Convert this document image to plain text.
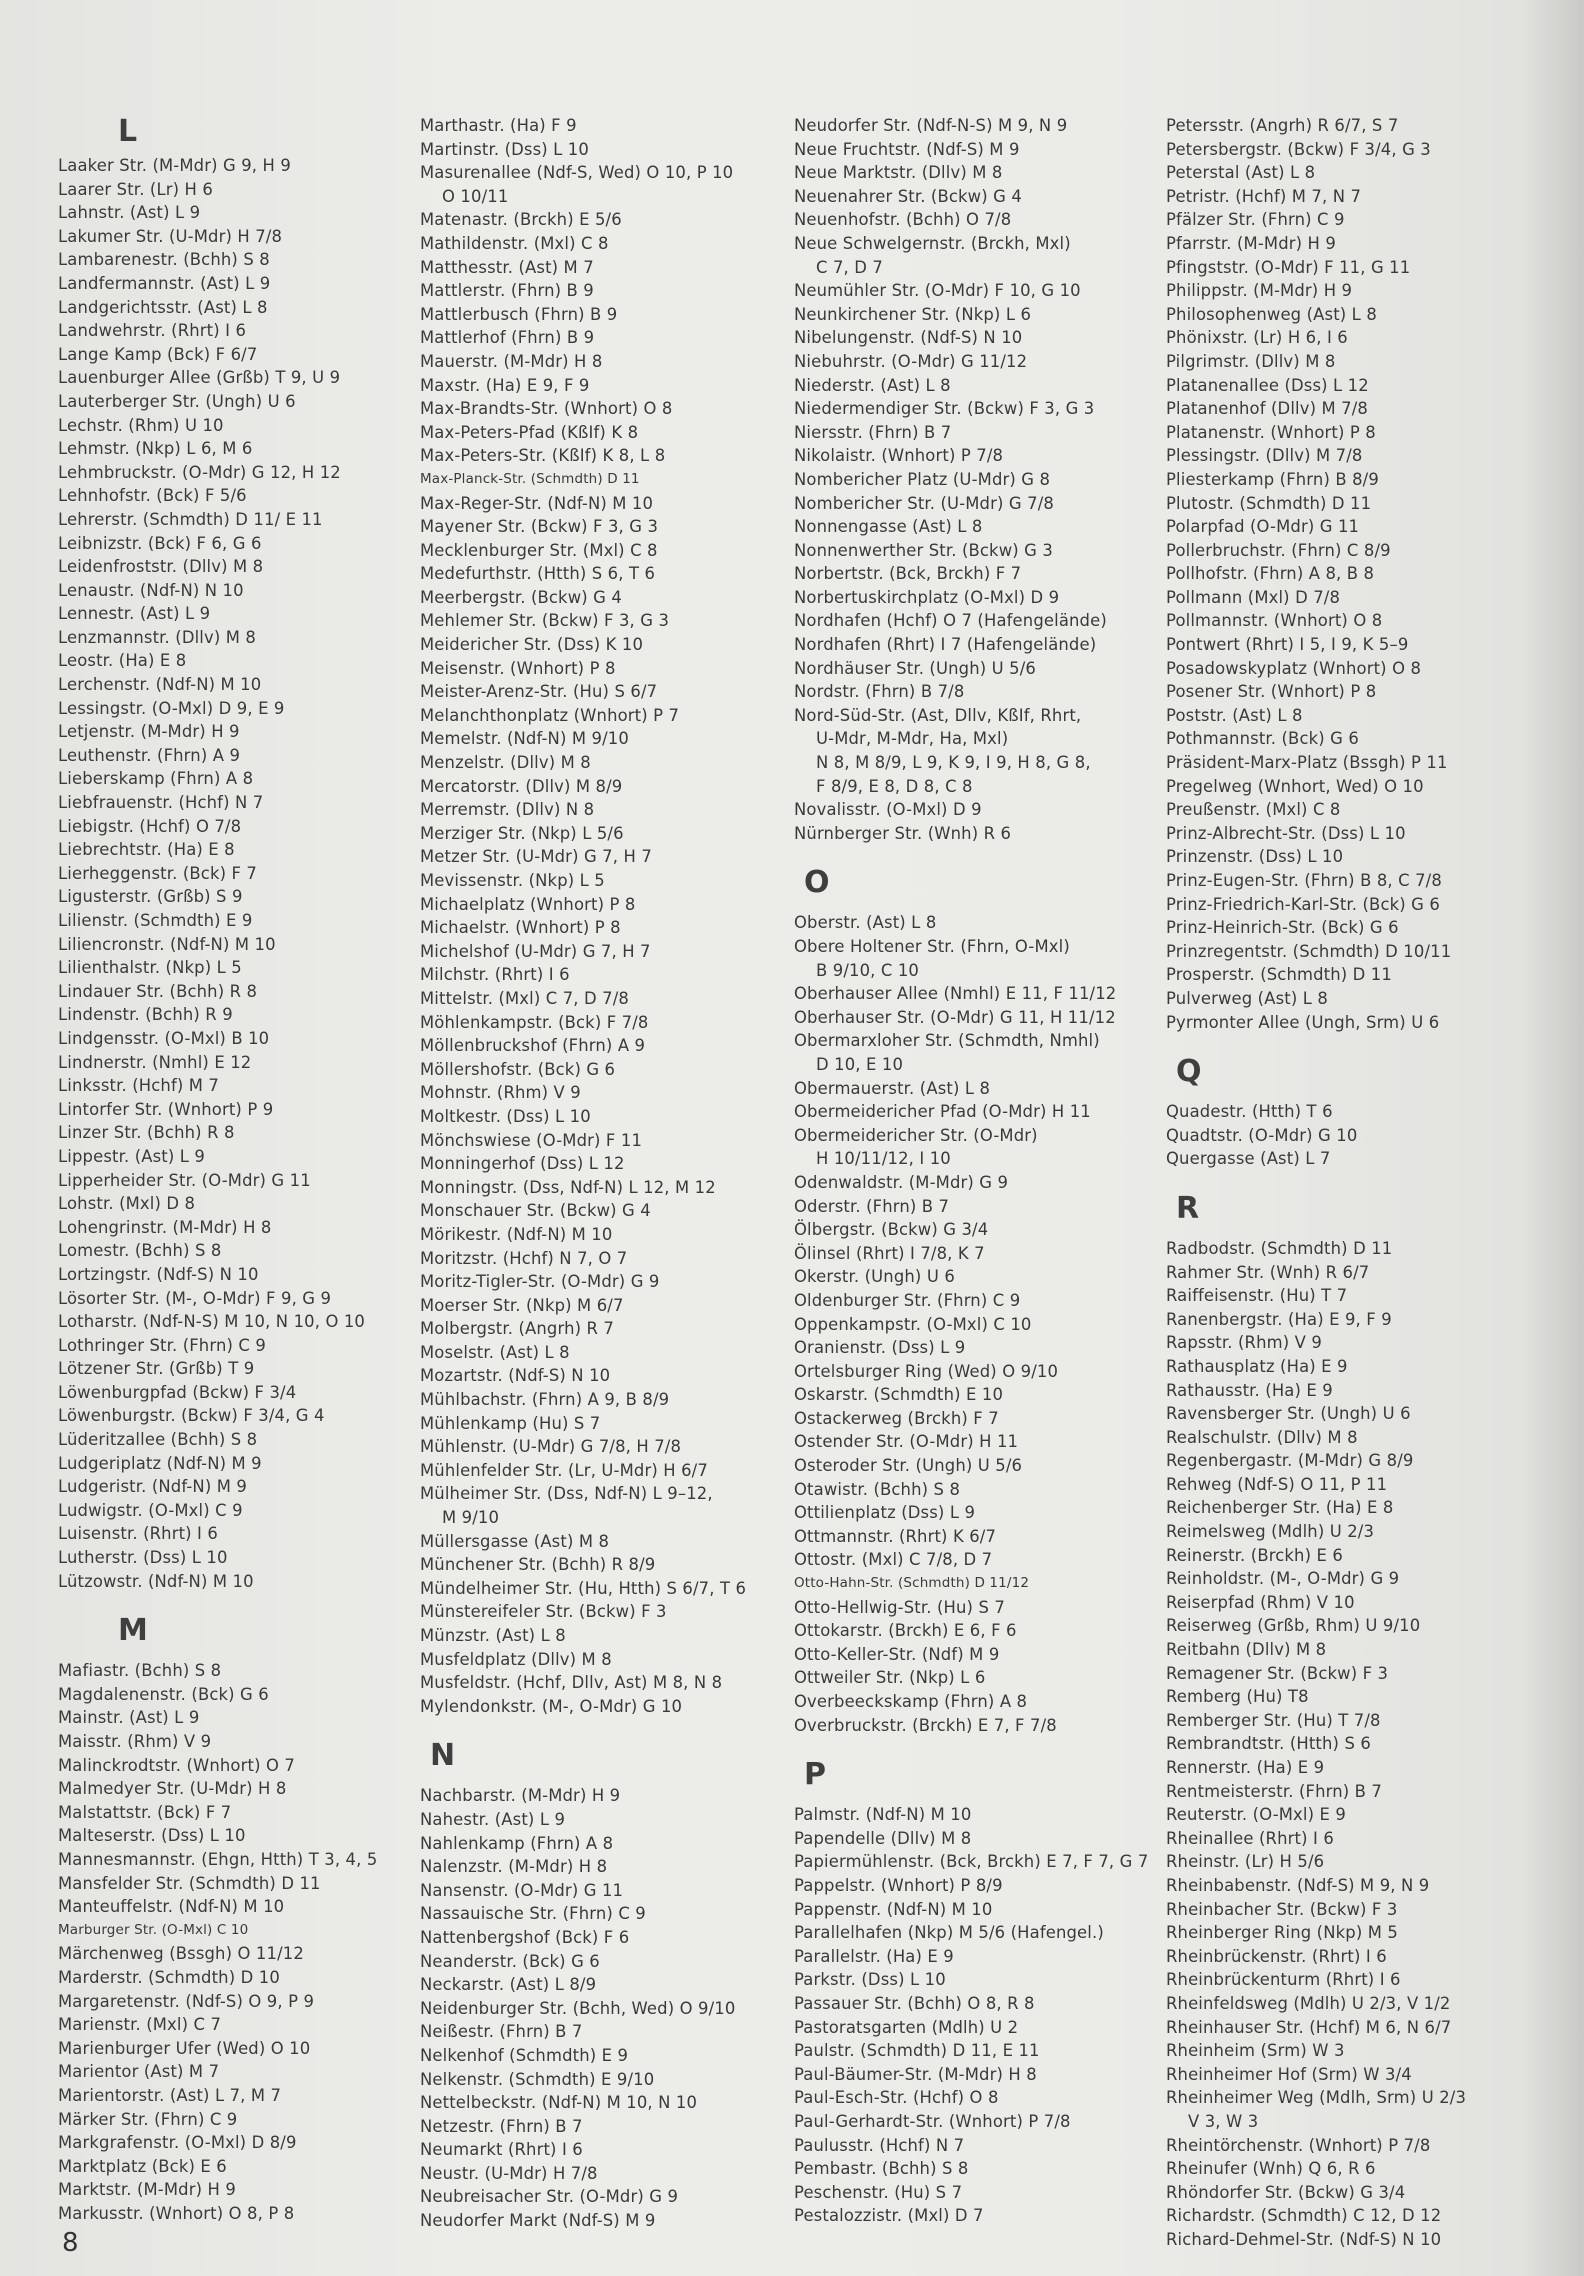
L
Laaker Str. (M-Mdr) G 9, H 9
Laarer Str. (Lr) H 6
Lahnstr. (Ast) L 9
Lakumer Str. (U-Mdr) H 7/8
Lambarenestr. (Bchh) S 8
Landfermannstr. (Ast) L 9
Landgerichtsstr. (Ast) L 8
Landwehrstr. (Rhrt) I 6
Lange Kamp (Bck) F 6/7
Lauenburger Allee (Grßb) T 9, U 9
Lauterberger Str. (Ungh) U 6
Lechstr. (Rhm) U 10
Lehmstr. (Nkp) L 6, M 6
Lehmbruckstr. (O-Mdr) G 12, H 12
Lehnhofstr. (Bck) F 5/6
Lehrerstr. (Schmdth) D 11/ E 11
Leibnizstr. (Bck) F 6, G 6
Leidenfroststr. (Dllv) M 8
Lenaustr. (Ndf-N) N 10
Lennestr. (Ast) L 9
Lenzmannstr. (Dllv) M 8
Leostr. (Ha) E 8
Lerchenstr. (Ndf-N) M 10
Lessingstr. (O-Mxl) D 9, E 9
Letjenstr. (M-Mdr) H 9
Leuthenstr. (Fhrn) A 9
Lieberskamp (Fhrn) A 8
Liebfrauenstr. (Hchf) N 7
Liebigstr. (Hchf) O 7/8
Liebrechtstr. (Ha) E 8
Lierheggenstr. (Bck) F 7
Ligusterstr. (Grßb) S 9
Lilienstr. (Schmdth) E 9
Liliencronstr. (Ndf-N) M 10
Lilienthalstr. (Nkp) L 5
Lindauer Str. (Bchh) R 8
Lindenstr. (Bchh) R 9
Lindgensstr. (O-Mxl) B 10
Lindnerstr. (Nmhl) E 12
Linksstr. (Hchf) M 7
Lintorfer Str. (Wnhort) P 9
Linzer Str. (Bchh) R 8
Lippestr. (Ast) L 9
Lipperheider Str. (O-Mdr) G 11
Lohstr. (Mxl) D 8
Lohengrinstr. (M-Mdr) H 8
Lomestr. (Bchh) S 8
Lortzingstr. (Ndf-S) N 10
Lösorter Str. (M-, O-Mdr) F 9, G 9
Lotharstr. (Ndf-N-S) M 10, N 10, O 10
Lothringer Str. (Fhrn) C 9
Lötzener Str. (Grßb) T 9
Löwenburgpfad (Bckw) F 3/4
Löwenburgstr. (Bckw) F 3/4, G 4
Lüderitzallee (Bchh) S 8
Ludgeriplatz (Ndf-N) M 9
Ludgeristr. (Ndf-N) M 9
Ludwigstr. (O-Mxl) C 9
Luisenstr. (Rhrt) I 6
Lutherstr. (Dss) L 10
Lützowstr. (Ndf-N) M 10
M
Mafiastr. (Bchh) S 8
Magdalenenstr. (Bck) G 6
Mainstr. (Ast) L 9
Maisstr. (Rhm) V 9
Malinckrodtstr. (Wnhort) O 7
Malmedyer Str. (U-Mdr) H 8
Malstattstr. (Bck) F 7
Malteserstr. (Dss) L 10
Mannesmannstr. (Ehgn, Htth) T 3, 4, 5
Mansfelder Str. (Schmdth) D 11
Manteuffelstr. (Ndf-N) M 10
Marburger Str. (O-Mxl) C 10
Märchenweg (Bssgh) O 11/12
Marderstr. (Schmdth) D 10
Margaretenstr. (Ndf-S) O 9, P 9
Marienstr. (Mxl) C 7
Marienburger Ufer (Wed) O 10
Marientor (Ast) M 7
Marientorstr. (Ast) L 7, M 7
Märker Str. (Fhrn) C 9
Markgrafenstr. (O-Mxl) D 8/9
Marktplatz (Bck) E 6
Marktstr. (M-Mdr) H 9
Markusstr. (Wnhort) O 8, P 8
Marthastr. (Ha) F 9
Martinstr. (Dss) L 10
Masurenallee (Ndf-S, Wed) O 10, P 10
O 10/11
Matenastr. (Brckh) E 5/6
Mathildenstr. (Mxl) C 8
Matthesstr. (Ast) M 7
Mattlerstr. (Fhrn) B 9
Mattlerbusch (Fhrn) B 9
Mattlerhof (Fhrn) B 9
Mauerstr. (M-Mdr) H 8
Maxstr. (Ha) E 9, F 9
Max-Brandts-Str. (Wnhort) O 8
Max-Peters-Pfad (KßIf) K 8
Max-Peters-Str. (KßIf) K 8, L 8
Max-Planck-Str. (Schmdth) D 11
Max-Reger-Str. (Ndf-N) M 10
Mayener Str. (Bckw) F 3, G 3
Mecklenburger Str. (Mxl) C 8
Medefurthstr. (Htth) S 6, T 6
Meerbergstr. (Bckw) G 4
Mehlemer Str. (Bckw) F 3, G 3
Meidericher Str. (Dss) K 10
Meisenstr. (Wnhort) P 8
Meister-Arenz-Str. (Hu) S 6/7
Melanchthonplatz (Wnhort) P 7
Memelstr. (Ndf-N) M 9/10
Menzelstr. (Dllv) M 8
Mercatorstr. (Dllv) M 8/9
Merremstr. (Dllv) N 8
Merziger Str. (Nkp) L 5/6
Metzer Str. (U-Mdr) G 7, H 7
Mevissenstr. (Nkp) L 5
Michaelplatz (Wnhort) P 8
Michaelstr. (Wnhort) P 8
Michelshof (U-Mdr) G 7, H 7
Milchstr. (Rhrt) I 6
Mittelstr. (Mxl) C 7, D 7/8
Möhlenkampstr. (Bck) F 7/8
Möllenbruckshof (Fhrn) A 9
Möllershofstr. (Bck) G 6
Mohnstr. (Rhm) V 9
Moltkestr. (Dss) L 10
Mönchswiese (O-Mdr) F 11
Monningerhof (Dss) L 12
Monningstr. (Dss, Ndf-N) L 12, M 12
Monschauer Str. (Bckw) G 4
Mörikestr. (Ndf-N) M 10
Moritzstr. (Hchf) N 7, O 7
Moritz-Tigler-Str. (O-Mdr) G 9
Moerser Str. (Nkp) M 6/7
Molbergstr. (Angrh) R 7
Moselstr. (Ast) L 8
Mozartstr. (Ndf-S) N 10
Mühlbachstr. (Fhrn) A 9, B 8/9
Mühlenkamp (Hu) S 7
Mühlenstr. (U-Mdr) G 7/8, H 7/8
Mühlenfelder Str. (Lr, U-Mdr) H 6/7
Mülheimer Str. (Dss, Ndf-N) L 9–12,
M 9/10
Müllersgasse (Ast) M 8
Münchener Str. (Bchh) R 8/9
Mündelheimer Str. (Hu, Htth) S 6/7, T 6
Münstereifeler Str. (Bckw) F 3
Münzstr. (Ast) L 8
Musfeldplatz (Dllv) M 8
Musfeldstr. (Hchf, Dllv, Ast) M 8, N 8
Mylendonkstr. (M-, O-Mdr) G 10
N
Nachbarstr. (M-Mdr) H 9
Nahestr. (Ast) L 9
Nahlenkamp (Fhrn) A 8
Nalenzstr. (M-Mdr) H 8
Nansenstr. (O-Mdr) G 11
Nassauische Str. (Fhrn) C 9
Nattenbergshof (Bck) F 6
Neanderstr. (Bck) G 6
Neckarstr. (Ast) L 8/9
Neidenburger Str. (Bchh, Wed) O 9/10
Neißestr. (Fhrn) B 7
Nelkenhof (Schmdth) E 9
Nelkenstr. (Schmdth) E 9/10
Nettelbeckstr. (Ndf-N) M 10, N 10
Netzestr. (Fhrn) B 7
Neumarkt (Rhrt) I 6
Neustr. (U-Mdr) H 7/8
Neubreisacher Str. (O-Mdr) G 9
Neudorfer Markt (Ndf-S) M 9
Neudorfer Str. (Ndf-N-S) M 9, N 9
Neue Fruchtstr. (Ndf-S) M 9
Neue Marktstr. (Dllv) M 8
Neuenahrer Str. (Bckw) G 4
Neuenhofstr. (Bchh) O 7/8
Neue Schwelgernstr. (Brckh, Mxl)
C 7, D 7
Neumühler Str. (O-Mdr) F 10, G 10
Neunkirchener Str. (Nkp) L 6
Nibelungenstr. (Ndf-S) N 10
Niebuhrstr. (O-Mdr) G 11/12
Niederstr. (Ast) L 8
Niedermendiger Str. (Bckw) F 3, G 3
Niersstr. (Fhrn) B 7
Nikolaistr. (Wnhort) P 7/8
Nombericher Platz (U-Mdr) G 8
Nombericher Str. (U-Mdr) G 7/8
Nonnengasse (Ast) L 8
Nonnenwerther Str. (Bckw) G 3
Norbertstr. (Bck, Brckh) F 7
Norbertuskirchplatz (O-Mxl) D 9
Nordhafen (Hchf) O 7 (Hafengelände)
Nordhafen (Rhrt) I 7 (Hafengelände)
Nordhäuser Str. (Ungh) U 5/6
Nordstr. (Fhrn) B 7/8
Nord-Süd-Str. (Ast, Dllv, KßIf, Rhrt,
U-Mdr, M-Mdr, Ha, Mxl)
N 8, M 8/9, L 9, K 9, I 9, H 8, G 8,
F 8/9, E 8, D 8, C 8
Novalisstr. (O-Mxl) D 9
Nürnberger Str. (Wnh) R 6
O
Oberstr. (Ast) L 8
Obere Holtener Str. (Fhrn, O-Mxl)
B 9/10, C 10
Oberhauser Allee (Nmhl) E 11, F 11/12
Oberhauser Str. (O-Mdr) G 11, H 11/12
Obermarxloher Str. (Schmdth, Nmhl)
D 10, E 10
Obermauerstr. (Ast) L 8
Obermeidericher Pfad (O-Mdr) H 11
Obermeidericher Str. (O-Mdr)
H 10/11/12, I 10
Odenwaldstr. (M-Mdr) G 9
Oderstr. (Fhrn) B 7
Ölbergstr. (Bckw) G 3/4
Ölinsel (Rhrt) I 7/8, K 7
Okerstr. (Ungh) U 6
Oldenburger Str. (Fhrn) C 9
Oppenkampstr. (O-Mxl) C 10
Oranienstr. (Dss) L 9
Ortelsburger Ring (Wed) O 9/10
Oskarstr. (Schmdth) E 10
Ostackerweg (Brckh) F 7
Ostender Str. (O-Mdr) H 11
Osteroder Str. (Ungh) U 5/6
Otawistr. (Bchh) S 8
Ottilienplatz (Dss) L 9
Ottmannstr. (Rhrt) K 6/7
Ottostr. (Mxl) C 7/8, D 7
Otto-Hahn-Str. (Schmdth) D 11/12
Otto-Hellwig-Str. (Hu) S 7
Ottokarstr. (Brckh) E 6, F 6
Otto-Keller-Str. (Ndf) M 9
Ottweiler Str. (Nkp) L 6
Overbeeckskamp (Fhrn) A 8
Overbruckstr. (Brckh) E 7, F 7/8
P
Palmstr. (Ndf-N) M 10
Papendelle (Dllv) M 8
Papiermühlenstr. (Bck, Brckh) E 7, F 7, G 7
Pappelstr. (Wnhort) P 8/9
Pappenstr. (Ndf-N) M 10
Parallelhafen (Nkp) M 5/6 (Hafengel.)
Parallelstr. (Ha) E 9
Parkstr. (Dss) L 10
Passauer Str. (Bchh) O 8, R 8
Pastoratsgarten (Mdlh) U 2
Paulstr. (Schmdth) D 11, E 11
Paul-Bäumer-Str. (M-Mdr) H 8
Paul-Esch-Str. (Hchf) O 8
Paul-Gerhardt-Str. (Wnhort) P 7/8
Paulusstr. (Hchf) N 7
Pembastr. (Bchh) S 8
Peschenstr. (Hu) S 7
Pestalozzistr. (Mxl) D 7
Petersstr. (Angrh) R 6/7, S 7
Petersbergstr. (Bckw) F 3/4, G 3
Peterstal (Ast) L 8
Petristr. (Hchf) M 7, N 7
Pfälzer Str. (Fhrn) C 9
Pfarrstr. (M-Mdr) H 9
Pfingststr. (O-Mdr) F 11, G 11
Philippstr. (M-Mdr) H 9
Philosophenweg (Ast) L 8
Phönixstr. (Lr) H 6, I 6
Pilgrimstr. (Dllv) M 8
Platanenallee (Dss) L 12
Platanenhof (Dllv) M 7/8
Platanenstr. (Wnhort) P 8
Plessingstr. (Dllv) M 7/8
Pliesterkamp (Fhrn) B 8/9
Plutostr. (Schmdth) D 11
Polarpfad (O-Mdr) G 11
Pollerbruchstr. (Fhrn) C 8/9
Pollhofstr. (Fhrn) A 8, B 8
Pollmann (Mxl) D 7/8
Pollmannstr. (Wnhort) O 8
Pontwert (Rhrt) I 5, I 9, K 5–9
Posadowskyplatz (Wnhort) O 8
Posener Str. (Wnhort) P 8
Poststr. (Ast) L 8
Pothmannstr. (Bck) G 6
Präsident-Marx-Platz (Bssgh) P 11
Pregelweg (Wnhort, Wed) O 10
Preußenstr. (Mxl) C 8
Prinz-Albrecht-Str. (Dss) L 10
Prinzenstr. (Dss) L 10
Prinz-Eugen-Str. (Fhrn) B 8, C 7/8
Prinz-Friedrich-Karl-Str. (Bck) G 6
Prinz-Heinrich-Str. (Bck) G 6
Prinzregentstr. (Schmdth) D 10/11
Prosperstr. (Schmdth) D 11
Pulverweg (Ast) L 8
Pyrmonter Allee (Ungh, Srm) U 6
Q
Quadestr. (Htth) T 6
Quadtstr. (O-Mdr) G 10
Quergasse (Ast) L 7
R
Radbodstr. (Schmdth) D 11
Rahmer Str. (Wnh) R 6/7
Raiffeisenstr. (Hu) T 7
Ranenbergstr. (Ha) E 9, F 9
Rapsstr. (Rhm) V 9
Rathausplatz (Ha) E 9
Rathausstr. (Ha) E 9
Ravensberger Str. (Ungh) U 6
Realschulstr. (Dllv) M 8
Regenbergastr. (M-Mdr) G 8/9
Rehweg (Ndf-S) O 11, P 11
Reichenberger Str. (Ha) E 8
Reimelsweg (Mdlh) U 2/3
Reinerstr. (Brckh) E 6
Reinholdstr. (M-, O-Mdr) G 9
Reiserpfad (Rhm) V 10
Reiserweg (Grßb, Rhm) U 9/10
Reitbahn (Dllv) M 8
Remagener Str. (Bckw) F 3
Remberg (Hu) T8
Remberger Str. (Hu) T 7/8
Rembrandtstr. (Htth) S 6
Rennerstr. (Ha) E 9
Rentmeisterstr. (Fhrn) B 7
Reuterstr. (O-Mxl) E 9
Rheinallee (Rhrt) I 6
Rheinstr. (Lr) H 5/6
Rheinbabenstr. (Ndf-S) M 9, N 9
Rheinbacher Str. (Bckw) F 3
Rheinberger Ring (Nkp) M 5
Rheinbrückenstr. (Rhrt) I 6
Rheinbrückenturm (Rhrt) I 6
Rheinfeldsweg (Mdlh) U 2/3, V 1/2
Rheinhauser Str. (Hchf) M 6, N 6/7
Rheinheim (Srm) W 3
Rheinheimer Hof (Srm) W 3/4
Rheinheimer Weg (Mdlh, Srm) U 2/3
V 3, W 3
Rheintörchenstr. (Wnhort) P 7/8
Rheinufer (Wnh) Q 6, R 6
Rhöndorfer Str. (Bckw) G 3/4
Richardstr. (Schmdth) C 12, D 12
Richard-Dehmel-Str. (Ndf-S) N 10
8
